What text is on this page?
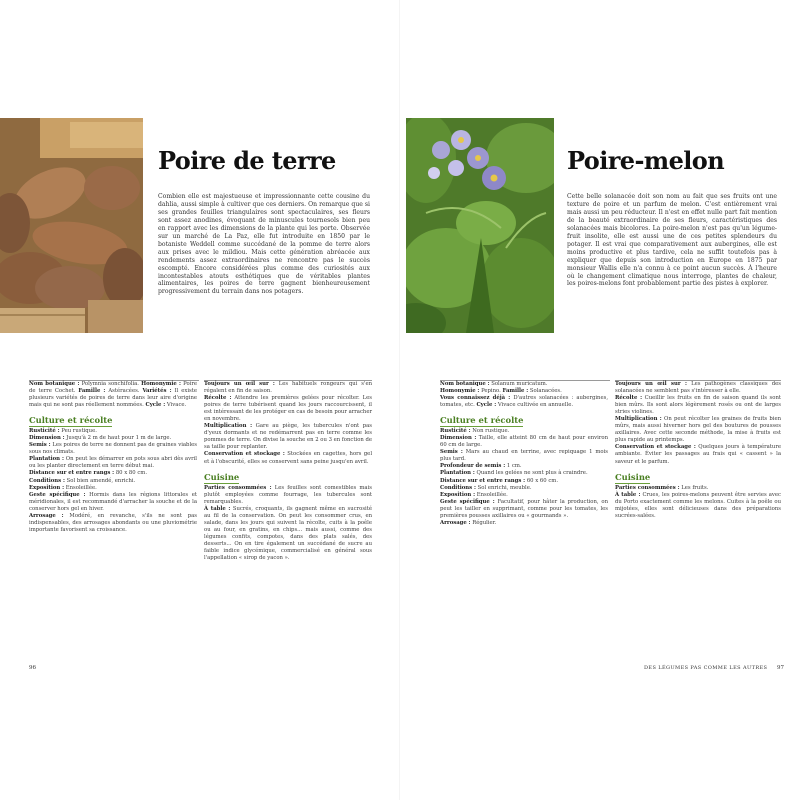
Poire de terre
Combien elle est majestueuse et impressionnante cette cousine du dahlia, aussi simple à cultiver que ces derniers. On remarque que si ses grandes feuilles triangulaires sont spectaculaires, ses fleurs sont assez anodines, évoquant de minuscules tournesols bien peu en rapport avec les dimensions de la plante qui les porte. Observée sur un marché de La Paz, elle fut introduite en 1850 par le botaniste Weddell comme succédané de la pomme de terre alors aux prises avec le mildiou. Mais cette génération abréacée aux rendements assez extraordinaires ne rencontre pas le succès escompté. Encore considérées plus comme des curiosités aux incontestables atouts esthétiques que de véritables plantes alimentaires, les poires de terre gagnent bienheureusement progressivement du terrain dans nos potagers.

Nom botanique : Polymnia sonchifolia. Homonymie : Poire de terre Cochet. Famille : Astéracées. Variétés : Il existe plusieurs variétés de poires de terre dans leur aire d'origine mais qui ne sont pas réellement nommées. Cycle : Vivace.

Culture et récolte

Rusticité : Peu rustique.
Dimension : Jusqu'à 2 m de haut pour 1 m de large.
Semis : Les poires de terre ne donnent pas de graines viables sous nos climats.
Plantation : On peut les démarrer en pots sous abri dès avril ou les planter directement en terre début mai.
Distance sur et entre rangs : 80 x 80 cm.
Conditions : Sol bien amendé, enrichi.
Exposition : Ensoleillée.
Geste spécifique : Hormis dans les régions littorales et méridionales, il est recommandé d'arracher la souche et de la conserver hors gel en hiver.
Arrosage : Modéré, en revanche, s'ils ne sont pas indispensables, des arrosages abondants ou une pluviométrie importante favorisent sa croissance.

Toujours un œil sur : Les habituels rongeurs qui s'en régalent en fin de saison.
Récolte : Attendre les premières gelées pour récolter. Les poires de terre tubérisent quand les jours raccourcissent, il est intéressant de les protéger en cas de besoin pour arracher en novembre.
Multiplication : Gare au piège, les tubercules n'ont pas d'yeux dormants et ne redémarrent pas en terre comme les pommes de terre. On divise la souche en 2 ou 3 en fonction de sa taille pour replanter.
Conservation et stockage : Stockées en cagettes, hors gel et à l'obscurité, elles se conservent sans peine jusqu'en avril.

Cuisine

Parties consommées : Les feuilles sont comestibles mais plutôt employées comme fourrage, les tubercules sont remarquables.
À table : Sucrés, croquants, ils gagnent même en sucrosité au fil de la conservation. On peut les consommer crus, en salade, dans les jours qui suivent la récolte, cuits à la poêle ou au four, en gratins, en chips... mais aussi, comme des légumes confits, compotes, dans des plats salés, des desserts... On en tire également un succédané de sucre au faible indice glycémique, commercialisé en général sous l'appellation « sirop de yacon ».

96
Poire-melon
Cette belle solanacée doit son nom au fait que ses fruits ont une texture de poire et un parfum de melon. C'est entièrement vrai mais aussi un peu réducteur. Il n'est en effet nulle part fait mention de la beauté extraordinaire de ses fleurs, caractéristiques des solanacées mais bicolores. La poire-melon n'est pas qu'un légume-fruit insolite, elle est aussi une de ces petites splendeurs du potager. Il est vrai que comparativement aux aubergines, elle est moins productive et plus tardive, cela ne suffit toutefois pas à expliquer que depuis son introduction en Europe en 1875 par monsieur Wallis elle n'a connu à ce point aucun succès. À l'heure où le changement climatique nous interroge, plantes de chaleur, les poires-melons font probablement partie des pistes à explorer.

Nom botanique : Solanum muricatum.
Homonymie : Pepino. Famille : Solanacées.
Vous connaissez déjà : D'autres solanacées : aubergines, tomates, etc. Cycle : Vivace cultivée en annuelle.

Culture et récolte

Rusticité : Non rustique.
Dimension : Taille, elle atteint 80 cm de haut pour environ 60 cm de large.
Semis : Mars au chaud en terrine, avec repiquage 1 mois plus tard.
Profondeur de semis : 1 cm.
Plantation : Quand les gelées ne sont plus à craindre.
Distance sur et entre rangs : 60 x 60 cm.
Conditions : Sol enrichi, meuble.
Exposition : Ensoleillée.
Geste spécifique : Facultatif, pour hâter la production, on peut les tailler en supprimant, comme pour les tomates, les premières pousses axillaires ou « gourmands ».
Arrosage : Régulier.

Toujours un œil sur : Les pathogènes classiques des solanacées ne semblent pas s'intéresser à elle.
Récolte : Cueillir les fruits en fin de saison quand ils sont bien mûrs. Ils sont alors légèrement rosés ou ont de larges stries violines.
Multiplication : On peut récolter les graines de fruits bien mûrs, mais aussi hiverner hors gel des boutures de pousses axillaires. Avec cette seconde méthode, la mise à fruits est plus rapide au printemps.
Conservation et stockage : Quelques jours à température ambiante. Éviter les passages au frais qui « cassent » la saveur et le parfum.

Cuisine

Parties consommées : Les fruits.
À table : Crues, les poires-melons peuvent être servies avec du Porto exactement comme les melons. Cuites à la poêle ou mijotées, elles sont délicieuses dans des préparations sucrées-salées.

DES LÉGUMES PAS COMME LES AUTRES 97
